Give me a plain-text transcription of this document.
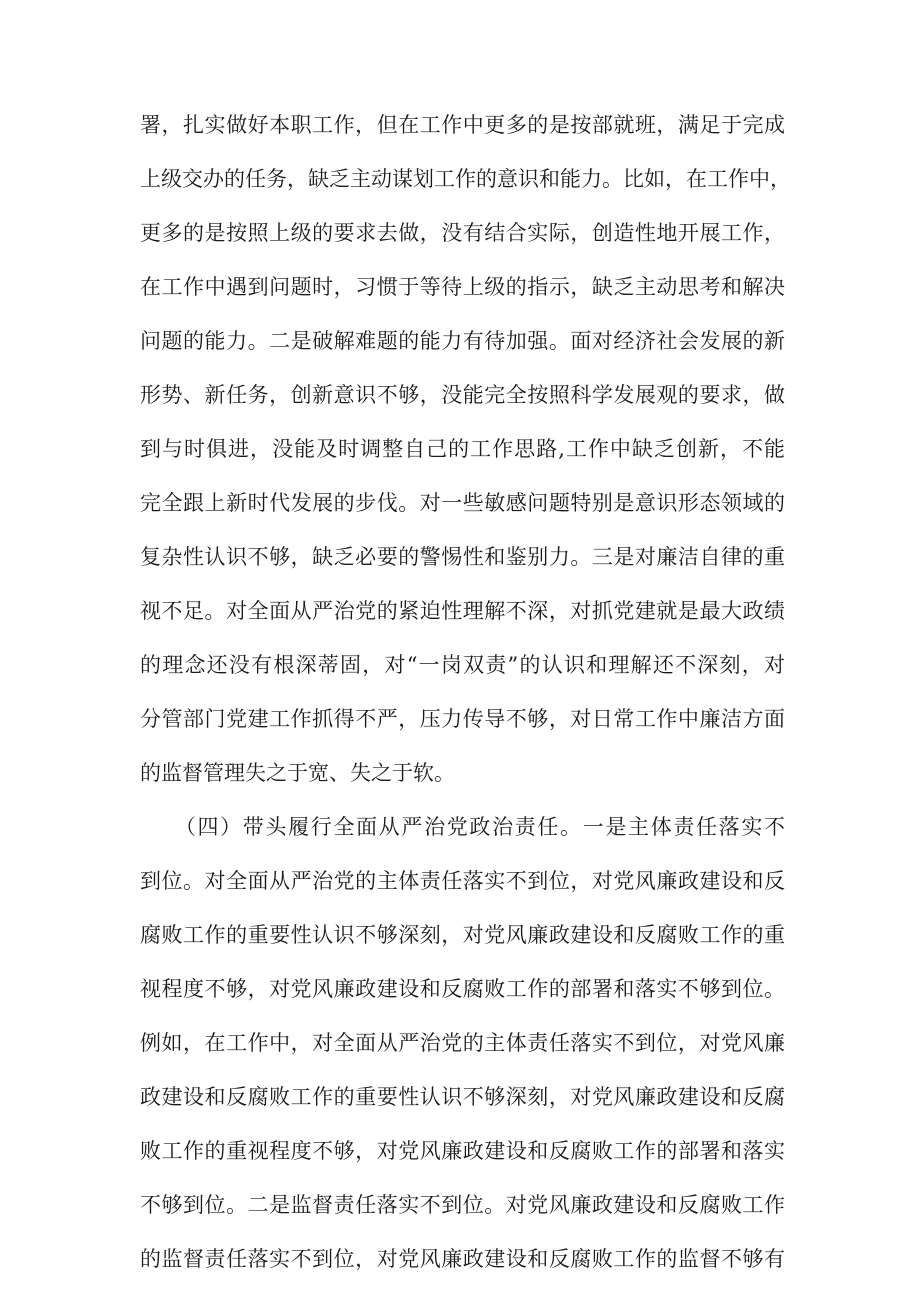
署，扎实做好本职工作，但在工作中更多的是按部就班，满足于完成
上级交办的任务，缺乏主动谋划工作的意识和能力。比如，在工作中，
更多的是按照上级的要求去做，没有结合实际，创造性地开展工作，
在工作中遇到问题时，习惯于等待上级的指示，缺乏主动思考和解决
问题的能力。二是破解难题的能力有待加强。面对经济社会发展的新
形势、新任务，创新意识不够，没能完全按照科学发展观的要求，做
到与时俱进，没能及时调整自己的工作思路,工作中缺乏创新，不能
完全跟上新时代发展的步伐。对一些敏感问题特别是意识形态领域的
复杂性认识不够，缺乏必要的警惕性和鉴别力。三是对廉洁自律的重
视不足。对全面从严治党的紧迫性理解不深，对抓党建就是最大政绩
的理念还没有根深蒂固，对“一岗双责”的认识和理解还不深刻，对
分管部门党建工作抓得不严，压力传导不够，对日常工作中廉洁方面
的监督管理失之于宽、失之于软。
　　（四）带头履行全面从严治党政治责任。一是主体责任落实不
到位。对全面从严治党的主体责任落实不到位，对党风廉政建设和反
腐败工作的重要性认识不够深刻，对党风廉政建设和反腐败工作的重
视程度不够，对党风廉政建设和反腐败工作的部署和落实不够到位。
例如，在工作中，对全面从严治党的主体责任落实不到位，对党风廉
政建设和反腐败工作的重要性认识不够深刻，对党风廉政建设和反腐
败工作的重视程度不够，对党风廉政建设和反腐败工作的部署和落实
不够到位。二是监督责任落实不到位。对党风廉政建设和反腐败工作
的监督责任落实不到位，对党风廉政建设和反腐败工作的监督不够有
